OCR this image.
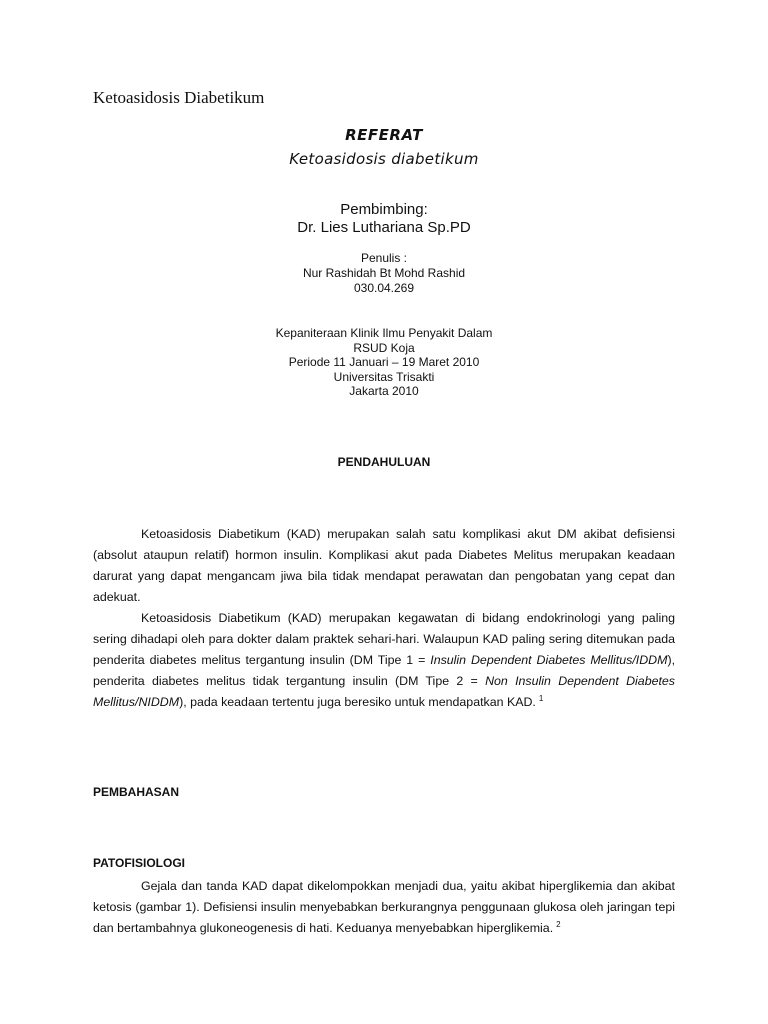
Ketoasidosis Diabetikum
REFERAT
Ketoasidosis diabetikum
Pembimbing:
Dr. Lies Luthariana Sp.PD
Penulis :
Nur Rashidah Bt Mohd Rashid
030.04.269
Kepaniteraan Klinik Ilmu Penyakit Dalam
RSUD Koja
Periode 11 Januari – 19 Maret 2010
Universitas Trisakti
Jakarta 2010
PENDAHULUAN

Ketoasidosis Diabetikum (KAD) merupakan salah satu komplikasi akut DM akibat defisiensi (absolut ataupun relatif) hormon insulin. Komplikasi akut pada Diabetes Melitus merupakan keadaan darurat yang dapat mengancam jiwa bila tidak mendapat perawatan dan pengobatan yang cepat dan adekuat.

Ketoasidosis Diabetikum (KAD) merupakan kegawatan di bidang endokrinologi yang paling sering dihadapi oleh para dokter dalam praktek sehari-hari. Walaupun KAD paling sering ditemukan pada penderita diabetes melitus tergantung insulin (DM Tipe 1 = Insulin Dependent Diabetes Mellitus/IDDM), penderita diabetes melitus tidak tergantung insulin (DM Tipe 2 = Non Insulin Dependent Diabetes Mellitus/NIDDM), pada keadaan tertentu juga beresiko untuk mendapatkan KAD. $^1$

PEMBAHASAN
PATOFISIOLOGI

Gejala dan tanda KAD dapat dikelompokkan menjadi dua, yaitu akibat hiperglikemia dan akibat ketosis (gambar 1). Defisiensi insulin menyebabkan berkurangnya penggunaan glukosa oleh jaringan tepi dan bertambahnya glukoneogenesis di hati. Keduanya menyebabkan hiperglikemia. $^2$
